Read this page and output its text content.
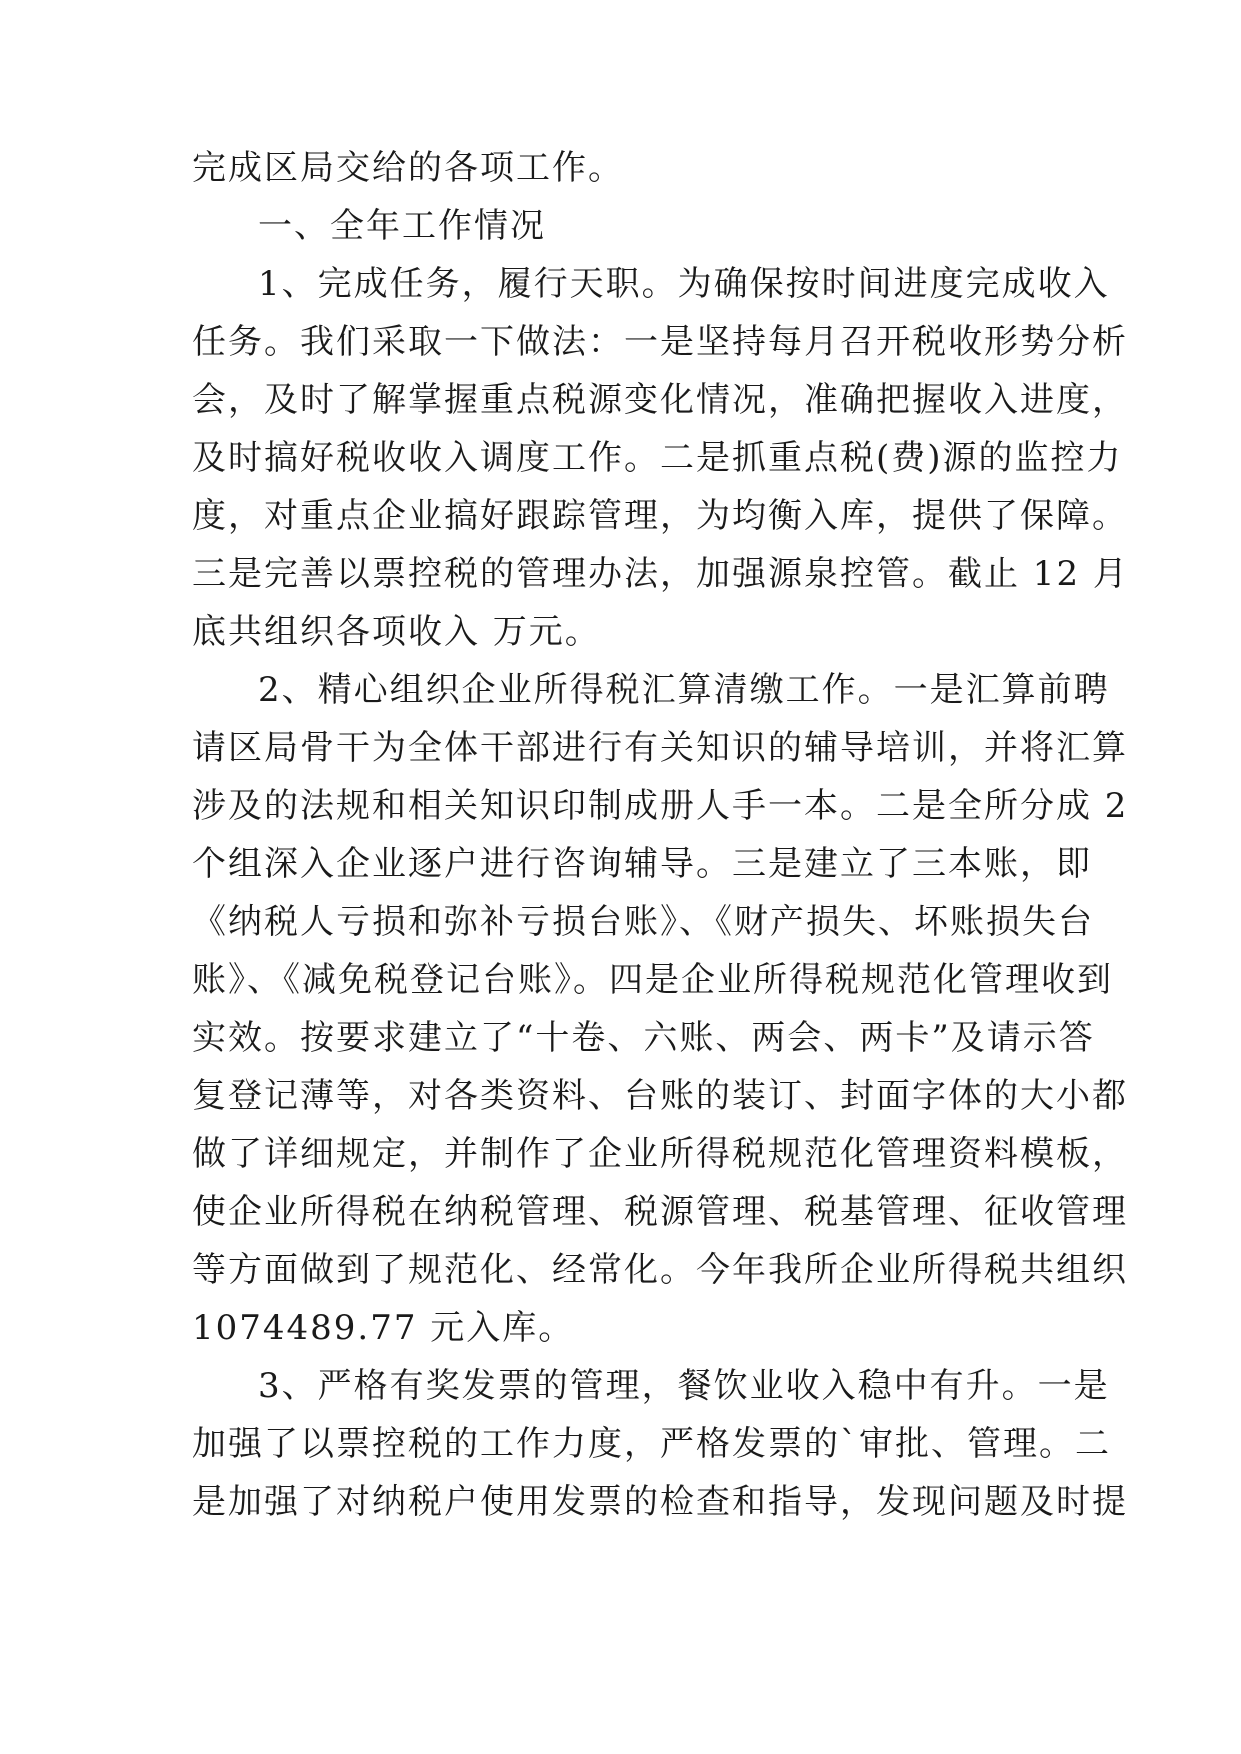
完成区局交给的各项工作。
一、全年工作情况
1、完成任务，履行天职。为确保按时间进度完成收入
任务。我们采取一下做法：一是坚持每月召开税收形势分析
会，及时了解掌握重点税源变化情况，准确把握收入进度，
及时搞好税收收入调度工作。二是抓重点税(费)源的监控力
度，对重点企业搞好跟踪管理，为均衡入库，提供了保障。
三是完善以票控税的管理办法，加强源泉控管。截止 12 月
底共组织各项收入 万元。
2、精心组织企业所得税汇算清缴工作。一是汇算前聘
请区局骨干为全体干部进行有关知识的辅导培训，并将汇算
涉及的法规和相关知识印制成册人手一本。二是全所分成 2
个组深入企业逐户进行咨询辅导。三是建立了三本账，即
《纳税人亏损和弥补亏损台账》、《财产损失、坏账损失台
账》、《减免税登记台账》。四是企业所得税规范化管理收到
实效。按要求建立了“十卷、六账、两会、两卡”及请示答
复登记薄等，对各类资料、台账的装订、封面字体的大小都
做了详细规定，并制作了企业所得税规范化管理资料模板，
使企业所得税在纳税管理、税源管理、税基管理、征收管理
等方面做到了规范化、经常化。今年我所企业所得税共组织
1074489.77 元入库。
3、严格有奖发票的管理，餐饮业收入稳中有升。一是
加强了以票控税的工作力度，严格发票的`审批、管理。二
是加强了对纳税户使用发票的检查和指导，发现问题及时提
